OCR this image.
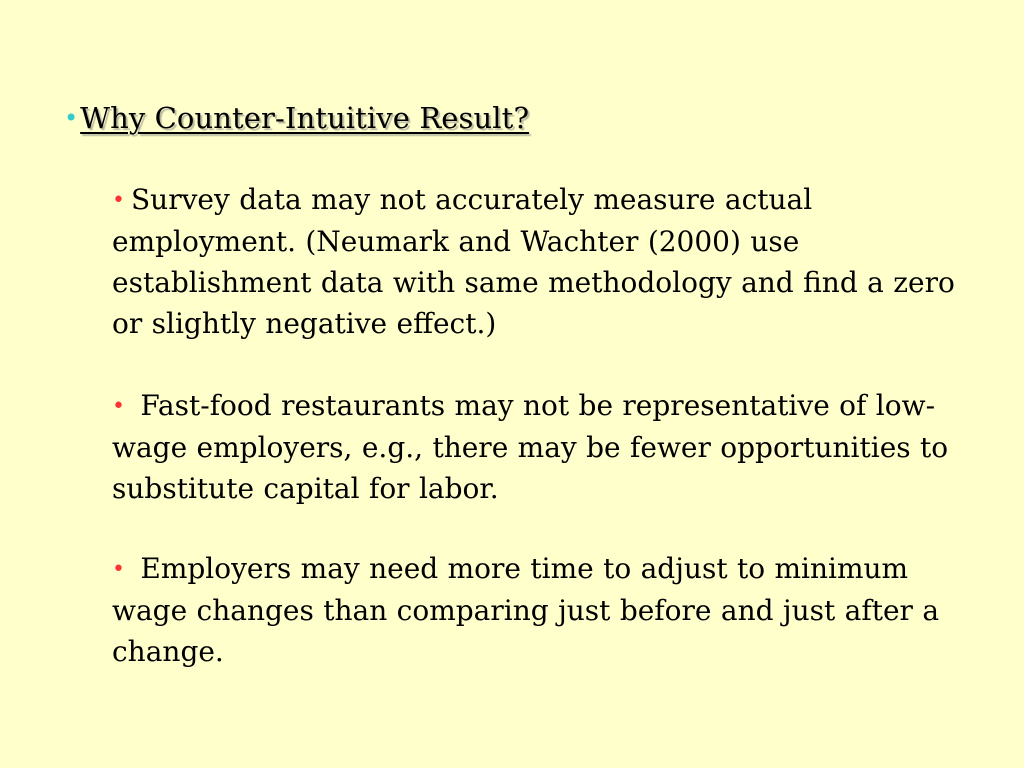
• Why Counter-Intuitive Result?

• Survey data may not accurately measure actual employment. (Neumark and Wachter (2000) use establishment data with same methodology and find a zero or slightly negative effect.)

• Fast-food restaurants may not be representative of low-wage employers, e.g., there may be fewer opportunities to substitute capital for labor.

• Employers may need more time to adjust to minimum wage changes than comparing just before and just after a change.
